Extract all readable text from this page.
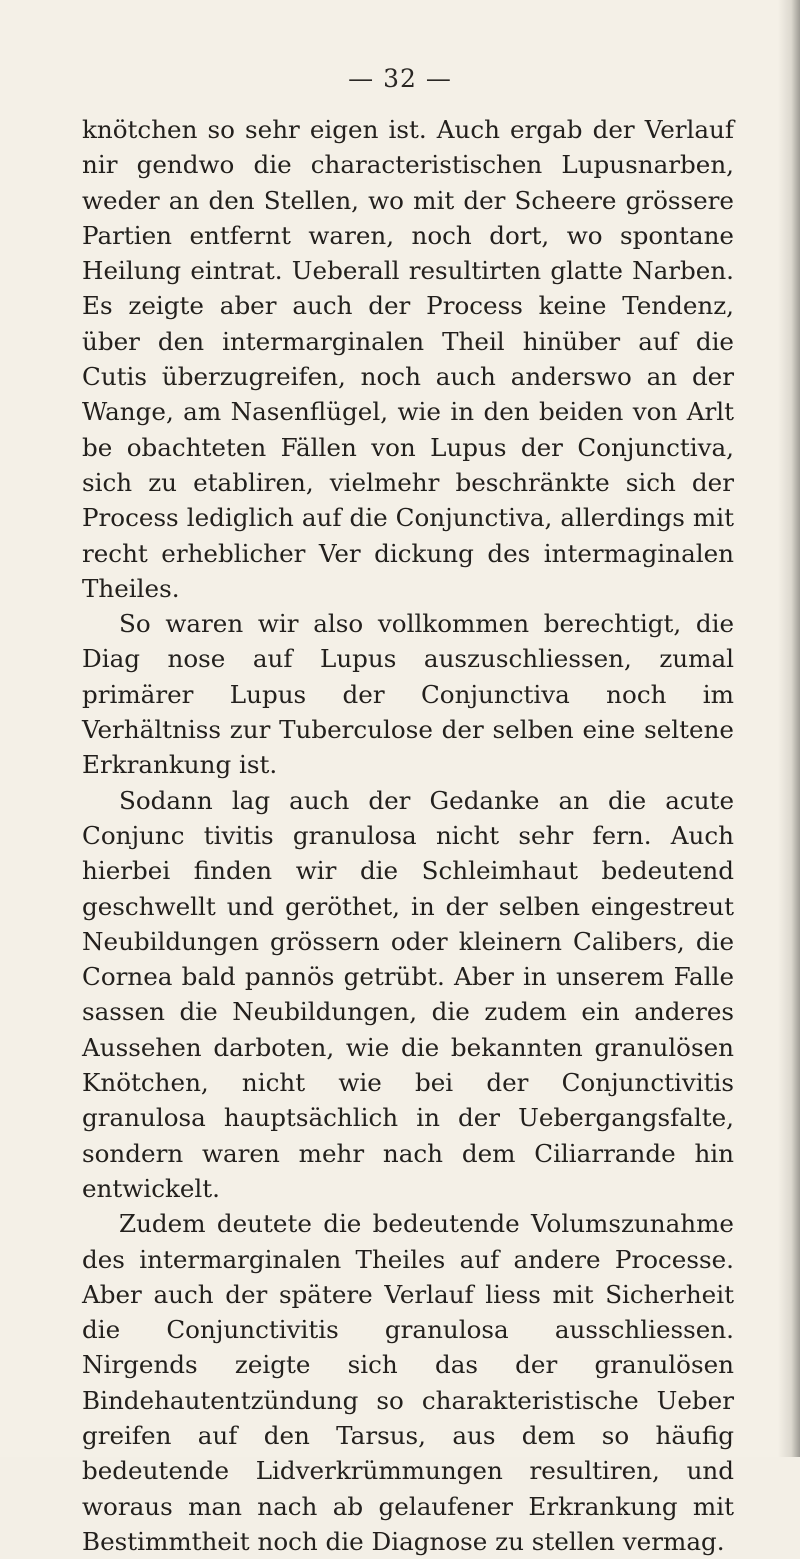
— 32 —

knötchen so sehr eigen ist. Auch ergab der Verlauf nir gendwo die characteristischen Lupusnarben, weder an den Stellen, wo mit der Scheere grössere Partien entfernt waren, noch dort, wo spontane Heilung eintrat. Ueberall resultirten glatte Narben. Es zeigte aber auch der Process keine Tendenz, über den intermarginalen Theil hinüber auf die Cutis überzugreifen, noch auch anderswo an der Wange, am Nasenflügel, wie in den beiden von Arlt be obachteten Fällen von Lupus der Conjunctiva, sich zu etabliren, vielmehr beschränkte sich der Process lediglich auf die Conjunctiva, allerdings mit recht erheblicher Ver dickung des intermaginalen Theiles.

So waren wir also vollkommen berechtigt, die Diag nose auf Lupus auszuschliessen, zumal primärer Lupus der Conjunctiva noch im Verhältniss zur Tuberculose der selben eine seltene Erkrankung ist.

Sodann lag auch der Gedanke an die acute Conjunc tivitis granulosa nicht sehr fern. Auch hierbei finden wir die Schleimhaut bedeutend geschwellt und geröthet, in der selben eingestreut Neubildungen grössern oder kleinern Calibers, die Cornea bald pannös getrübt. Aber in unserem Falle sassen die Neubildungen, die zudem ein anderes Aussehen darboten, wie die bekannten granulösen Knötchen, nicht wie bei der Conjunctivitis granulosa hauptsächlich in der Uebergangsfalte, sondern waren mehr nach dem Ciliarrande hin entwickelt.

Zudem deutete die bedeutende Volumszunahme des intermarginalen Theiles auf andere Processe. Aber auch der spätere Verlauf liess mit Sicherheit die Conjunctivitis granulosa ausschliessen. Nirgends zeigte sich das der granulösen Bindehautentzündung so charakteristische Ueber greifen auf den Tarsus, aus dem so häufig bedeutende Lidverkrümmungen resultiren, und woraus man nach ab gelaufener Erkrankung mit Bestimmtheit noch die Diagnose zu stellen vermag.
